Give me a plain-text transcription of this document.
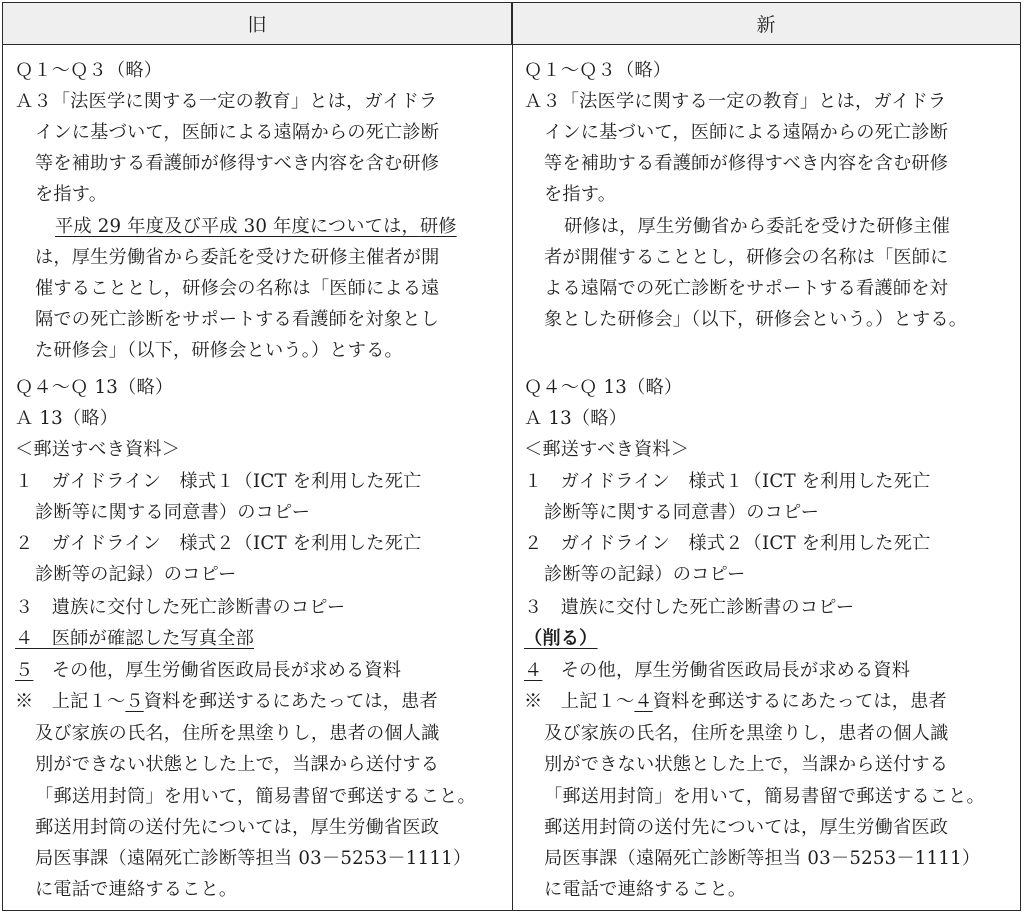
旧	新
Ｑ１～Ｑ３（略）
Ａ３「法医学に関する一定の教育」とは，ガイドラ
インに基づいて，医師による遠隔からの死亡診断
等を補助する看護師が修得すべき内容を含む研修
を指す。
平成 29 年度及び平成 30 年度については，研修
は，厚生労働省から委託を受けた研修主催者が開
催することとし，研修会の名称は「医師による遠
隔での死亡診断をサポートする看護師を対象とし
た研修会」（以下，研修会という。）とする。
Ｑ４～Ｑ 13（略）
Ａ 13（略）
＜郵送すべき資料＞
１　ガイドライン　様式１（ICT を利用した死亡
診断等に関する同意書）のコピー
２　ガイドライン　様式２（ICT を利用した死亡
診断等の記録）のコピー
３　遺族に交付した死亡診断書のコピー
４　医師が確認した写真全部
５　その他，厚生労働省医政局長が求める資料
※　上記１～５資料を郵送するにあたっては，患者
及び家族の氏名，住所を黒塗りし，患者の個人識
別ができない状態とした上で，当課から送付する
「郵送用封筒」を用いて，簡易書留で郵送すること。
郵送用封筒の送付先については，厚生労働省医政
局医事課（遠隔死亡診断等担当 03－5253－1111）
に電話で連絡すること。
Ｑ１～Ｑ３（略）
Ａ３「法医学に関する一定の教育」とは，ガイドラ
インに基づいて，医師による遠隔からの死亡診断
等を補助する看護師が修得すべき内容を含む研修
を指す。
研修は，厚生労働省から委託を受けた研修主催
者が開催することとし，研修会の名称は「医師に
よる遠隔での死亡診断をサポートする看護師を対
象とした研修会」（以下，研修会という。）とする。
Ｑ４～Ｑ 13（略）
Ａ 13（略）
＜郵送すべき資料＞
１　ガイドライン　様式１（ICT を利用した死亡
診断等に関する同意書）のコピー
２　ガイドライン　様式２（ICT を利用した死亡
診断等の記録）のコピー
３　遺族に交付した死亡診断書のコピー
（削る）
４　その他，厚生労働省医政局長が求める資料
※　上記１～４資料を郵送するにあたっては，患者
及び家族の氏名，住所を黒塗りし，患者の個人識
別ができない状態とした上で，当課から送付する
「郵送用封筒」を用いて，簡易書留で郵送すること。
郵送用封筒の送付先については，厚生労働省医政
局医事課（遠隔死亡診断等担当 03－5253－1111）
に電話で連絡すること。
